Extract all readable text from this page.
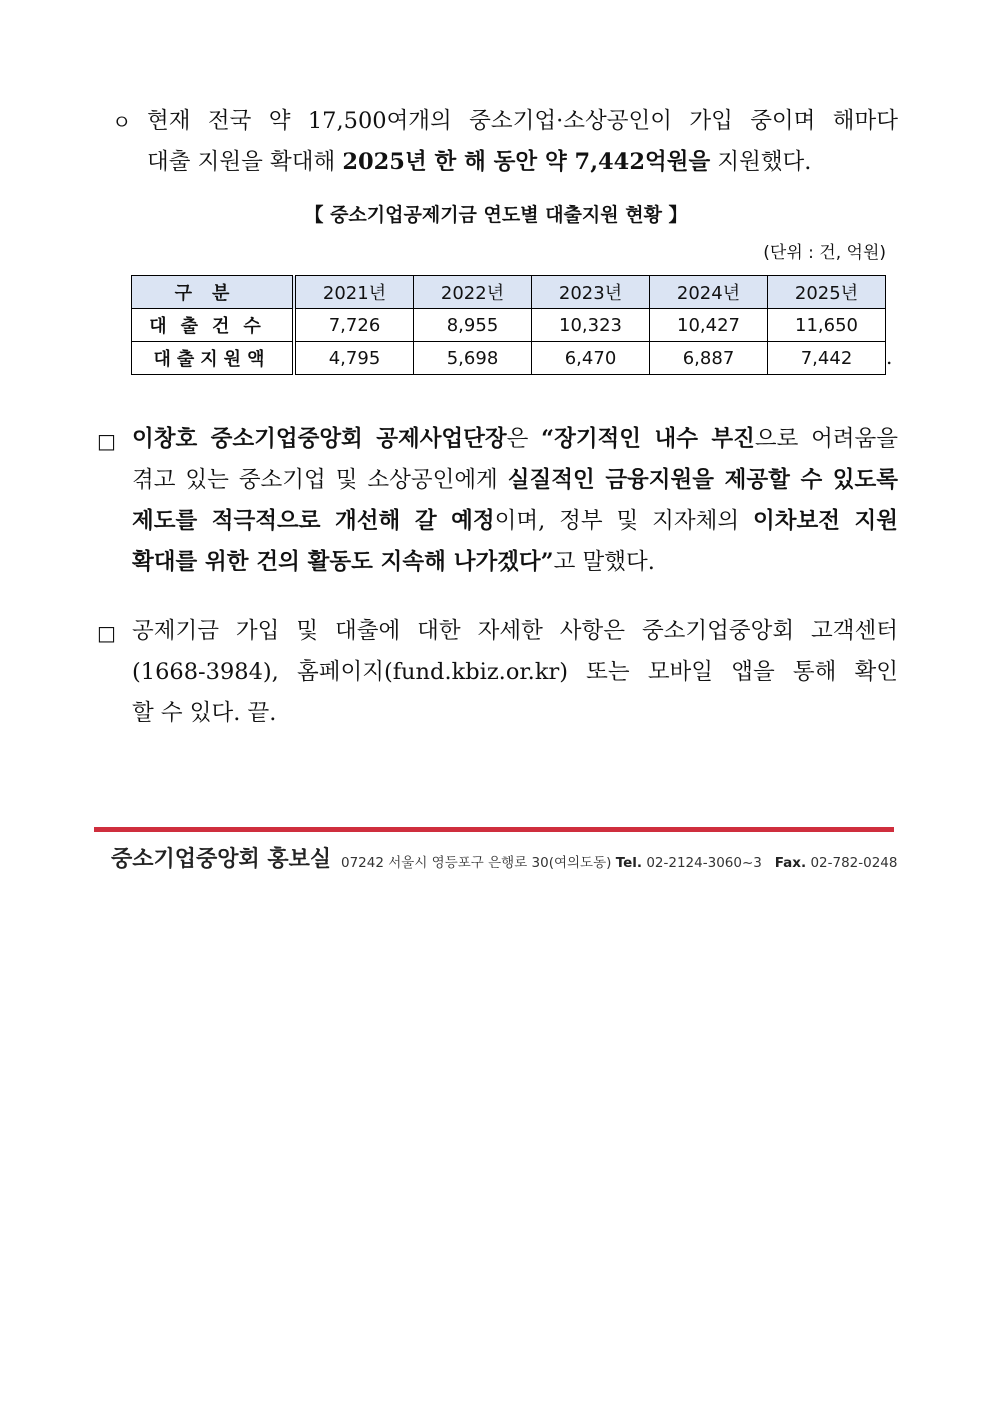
ㅇ 현재 전국 약 17,500여개의 중소기업·소상공인이 가입 중이며 해마다
대출 지원을 확대해 2025년 한 해 동안 약 7,442억원을 지원했다.
【 중소기업공제기금 연도별 대출지원 현황 】
(단위 : 건, 억원)
구분	2021년	2022년	2023년	2024년	2025년
대출건수	7,726	8,955	10,323	10,427	11,650
대출지원액	4,795	5,698	6,470	6,887	7,442 .
□ 이창호 중소기업중앙회 공제사업단장은 “장기적인 내수 부진으로 어려움을
겪고 있는 중소기업 및 소상공인에게 실질적인 금융지원을 제공할 수 있도록
제도를 적극적으로 개선해 갈 예정이며, 정부 및 지자체의 이차보전 지원
확대를 위한 건의 활동도 지속해 나가겠다”고 말했다.
□ 공제기금 가입 및 대출에 대한 자세한 사항은 중소기업중앙회 고객센터
(1668-3984), 홈페이지(fund.kbiz.or.kr) 또는 모바일 앱을 통해 확인
할 수 있다. 끝.
중소기업중앙회 홍보실 07242 서울시 영등포구 은행로 30(여의도동) Tel. 02-2124-3060~3 Fax. 02-782-0248
